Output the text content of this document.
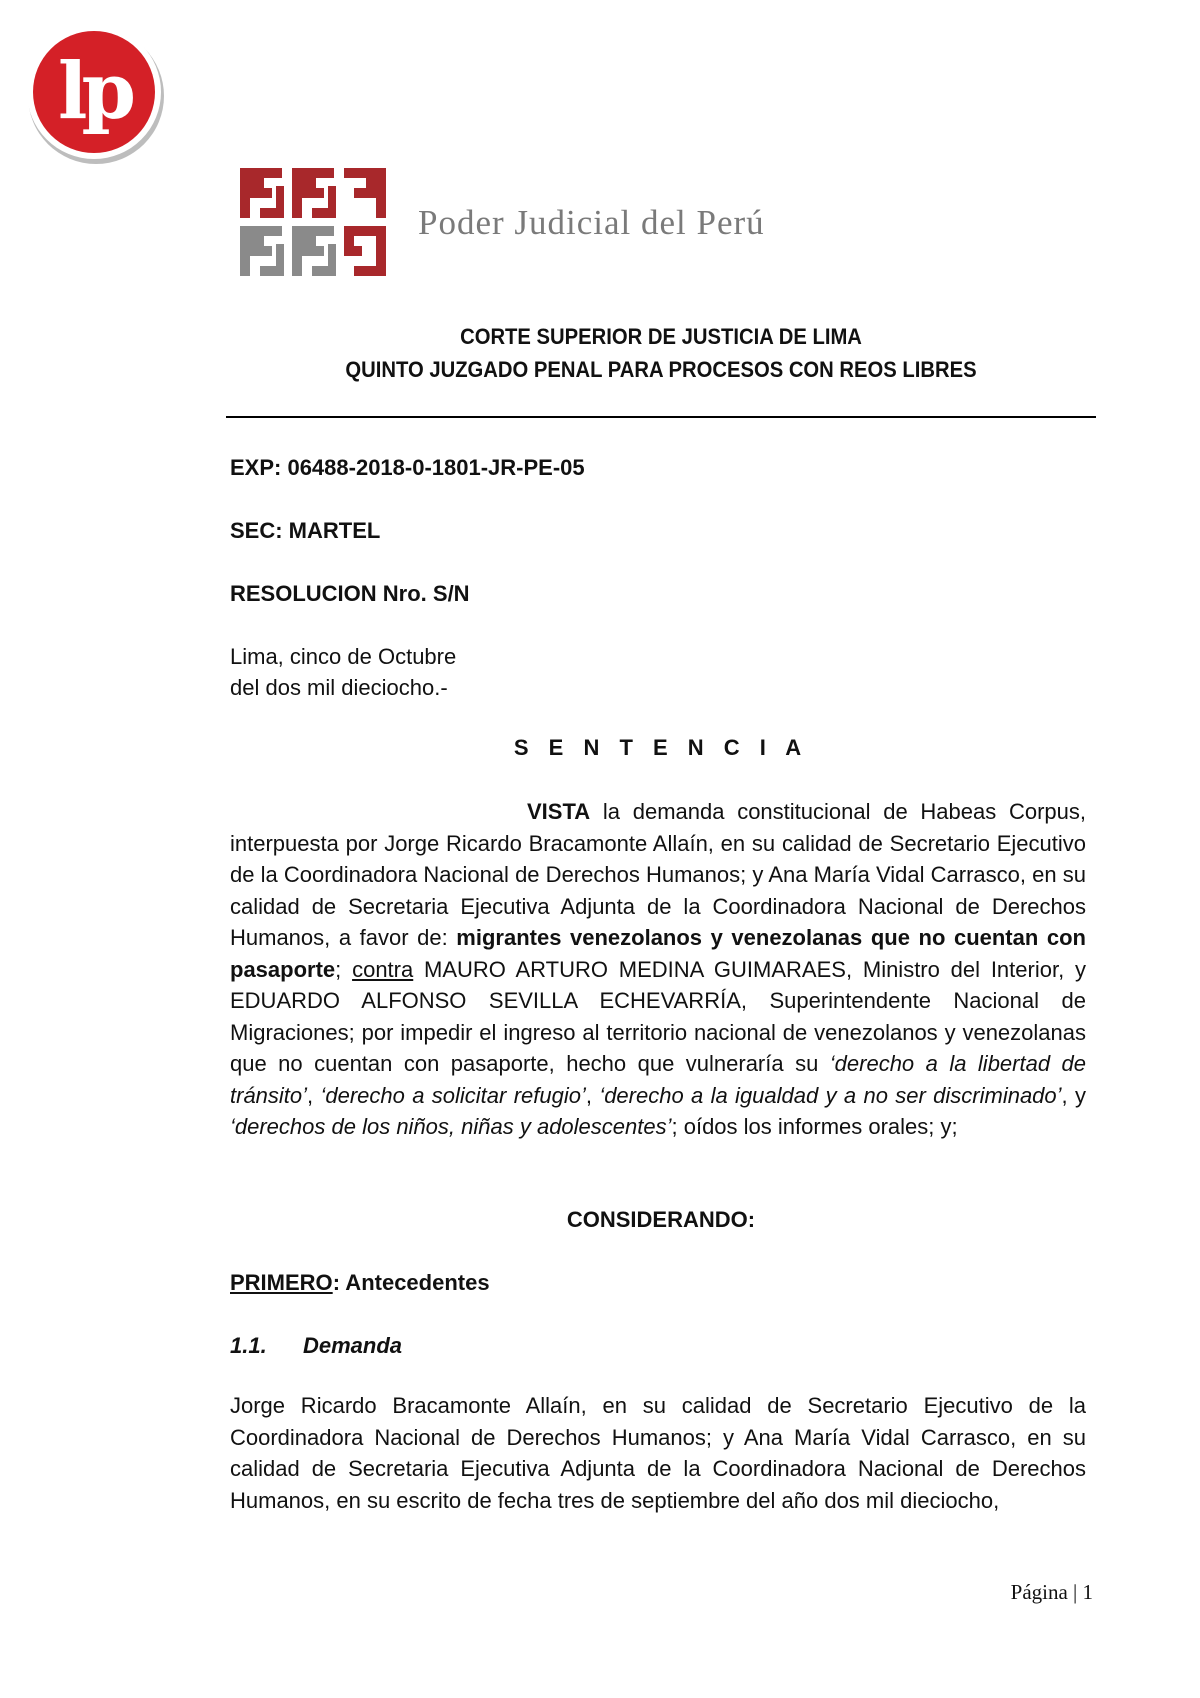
lp
Poder Judicial del Perú
CORTE SUPERIOR DE JUSTICIA DE LIMA
QUINTO JUZGADO PENAL PARA PROCESOS CON REOS LIBRES
EXP: 06488-2018-0-1801-JR-PE-05
SEC: MARTEL
RESOLUCION Nro. S/N
Lima, cinco de Octubre
del dos mil dieciocho.-
S E N T E N C I A
VISTA la demanda constitucional de Habeas Corpus, interpuesta por Jorge Ricardo Bracamonte Allaín, en su calidad de Secretario Ejecutivo de la Coordinadora Nacional de Derechos Humanos; y Ana María Vidal Carrasco, en su calidad de Secretaria Ejecutiva Adjunta de la Coordinadora Nacional de Derechos Humanos, a favor de: migrantes venezolanos y venezolanas que no cuentan con pasaporte; contra MAURO ARTURO MEDINA GUIMARAES, Ministro del Interior, y EDUARDO ALFONSO SEVILLA ECHEVARRÍA, Superintendente Nacional de Migraciones; por impedir el ingreso al territorio nacional de venezolanos y venezolanas que no cuentan con pasaporte, hecho que vulneraría su ‘derecho a la libertad de tránsito’, ‘derecho a solicitar refugio’, ‘derecho a la igualdad y a no ser discriminado’, y ‘derechos de los niños, niñas y adolescentes’; oídos los informes orales; y;
CONSIDERANDO:
PRIMERO: Antecedentes
1.1. Demanda
Jorge Ricardo Bracamonte Allaín, en su calidad de Secretario Ejecutivo de la Coordinadora Nacional de Derechos Humanos; y Ana María Vidal Carrasco, en su calidad de Secretaria Ejecutiva Adjunta de la Coordinadora Nacional de Derechos Humanos, en su escrito de fecha tres de septiembre del año dos mil dieciocho,
Página | 1
